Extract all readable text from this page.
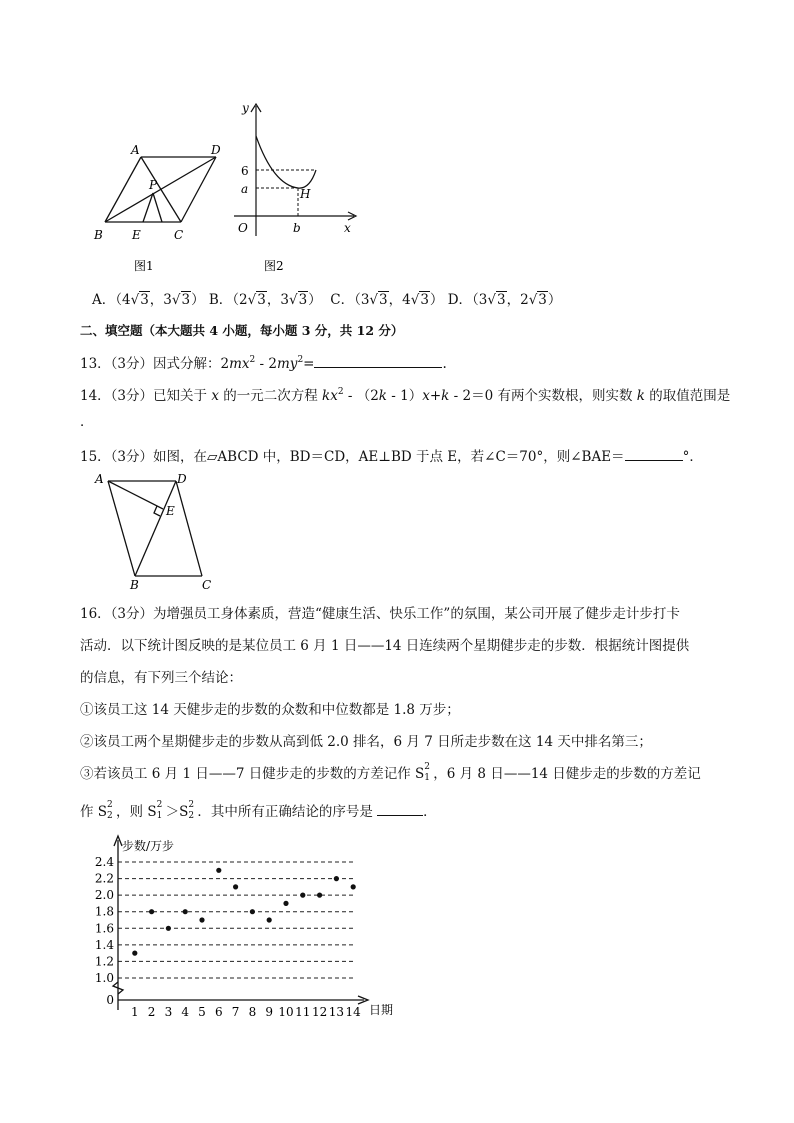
A	D
P
B E	C
图1
y
x
O
6
a
b
H
图2
A．（4√3，3√3） B．（2√3，3√3） C．（3√3，4√3） D．（3√3，2√3）
二、填空题（本大题共 4 小题，每小题 3 分，共 12 分）
13．（3分）因式分解：$2mx^2 - 2my^2=$	.
14．（3分）已知关于 x 的一元二次方程 $kx^2 - (2k - 1)x+k - 2=0$ 有两个实数根，则实数 k 的取值范围是
．
15．（3分）如图，在▱ABCD 中，BD＝CD，AE⊥BD 于点 E，若∠C＝70°，则∠BAE＝	°．
A	D
E
B	C
16．（3分）为增强员工身体素质，营造“健康生活、快乐工作”的氛围，某公司开展了健步走计步打卡
活动．以下统计图反映的是某位员工 6 月 1 日——14 日连续两个星期健步走的步数．根据统计图提供
的信息，有下列三个结论：
①该员工这 14 天健步走的步数的众数和中位数都是 1.8 万步；
②该员工两个星期健步走的步数从高到低 2.0 排名，6 月 7 日所走步数在这 14 天中排名第三；
③若该员工 6 月 1 日——7 日健步走的步数的方差记作 S 2
1 ，6 月 8 日——14 日健步走的步数的方差记
作 S 2
2 ，则 S 2
1 ＞S 2
2 ．其中所有正确结论的序号是	．
0
1.0
1.2
1.4
1.6
1.8
2.0
2.2
2.4
1 2 3 4 5 6 7 8 9 10 11 12 13 14
步数/万步
日期
